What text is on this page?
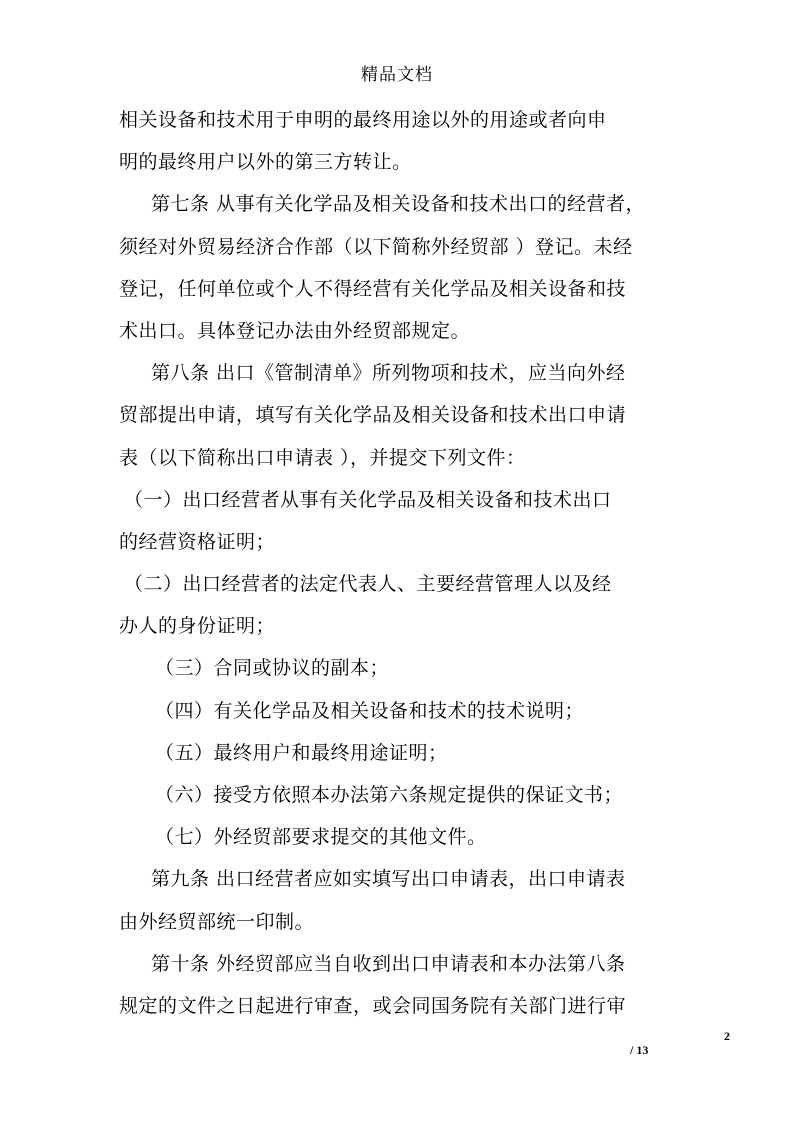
精品文档
相关设备和技术用于申明的最终用途以外的用途或者向申
明的最终用户以外的第三方转让。
第七条 从事有关化学品及相关设备和技术出口的经营者，
须经对外贸易经济合作部（以下简称外经贸部 ）登记。未经
登记，任何单位或个人不得经营有关化学品及相关设备和技
术出口。具体登记办法由外经贸部规定。
第八条 出口《管制清单》所列物项和技术，应当向外经
贸部提出申请，填写有关化学品及相关设备和技术出口申请
表（以下简称出口申请表 ），并提交下列文件：
（一）出口经营者从事有关化学品及相关设备和技术出口
的经营资格证明；
（二）出口经营者的法定代表人、主要经营管理人以及经
办人的身份证明；
（三）合同或协议的副本；
（四）有关化学品及相关设备和技术的技术说明；
（五）最终用户和最终用途证明；
（六）接受方依照本办法第六条规定提供的保证文书；
（七）外经贸部要求提交的其他文件。
第九条 出口经营者应如实填写出口申请表，出口申请表
由外经贸部统一印制。
第十条 外经贸部应当自收到出口申请表和本办法第八条
规定的文件之日起进行审查，或会同国务院有关部门进行审
2
/ 13
